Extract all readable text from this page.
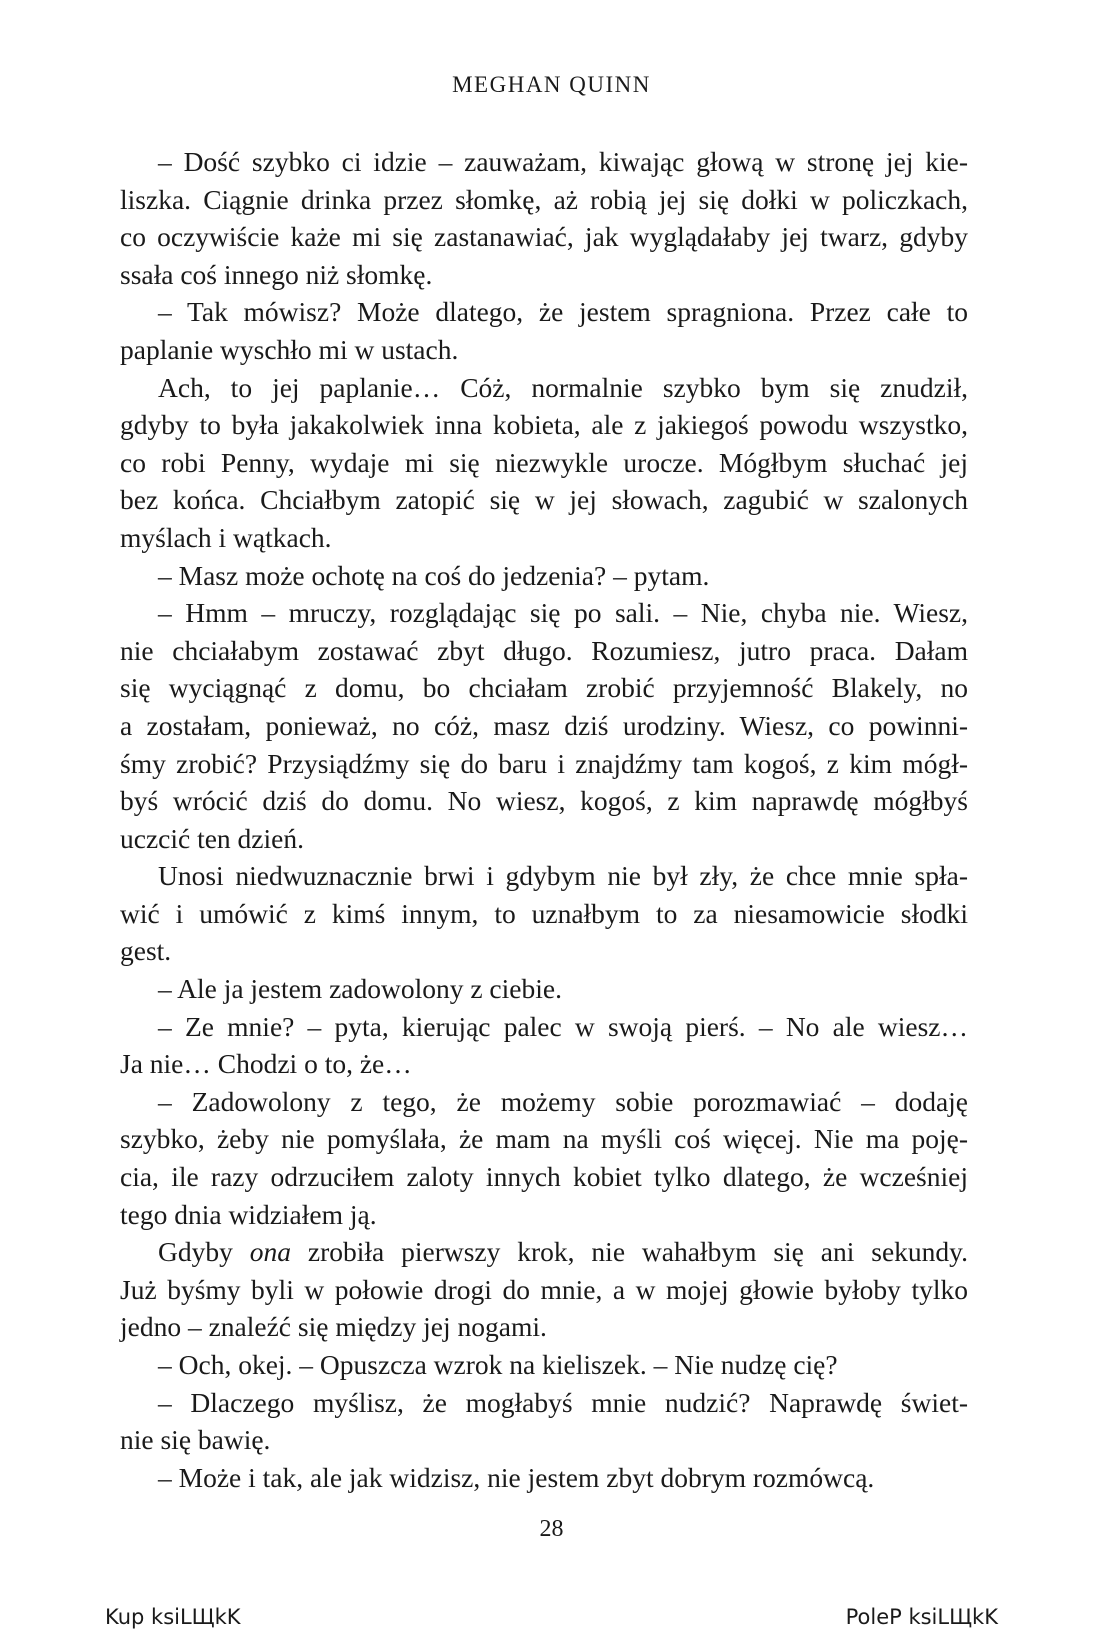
MEGHAN QUINN
– Dość szybko ci idzie – zauważam, kiwając głową w stronę jej kie-
liszka. Ciągnie drinka przez słomkę, aż robią jej się dołki w policzkach,
co oczywiście każe mi się zastanawiać, jak wyglądałaby jej twarz, gdyby
ssała coś innego niż słomkę.
– Tak mówisz? Może dlatego, że jestem spragniona. Przez całe to
paplanie wyschło mi w ustach.
Ach, to jej paplanie… Cóż, normalnie szybko bym się znudził,
gdyby to była jakakolwiek inna kobieta, ale z jakiegoś powodu wszystko,
co robi Penny, wydaje mi się niezwykle urocze. Mógłbym słuchać jej
bez końca. Chciałbym zatopić się w jej słowach, zagubić w szalonych
myślach i wątkach.
– Masz może ochotę na coś do jedzenia? – pytam.
– Hmm – mruczy, rozglądając się po sali. – Nie, chyba nie. Wiesz,
nie chciałabym zostawać zbyt długo. Rozumiesz, jutro praca. Dałam
się wyciągnąć z domu, bo chciałam zrobić przyjemność Blakely, no
a zostałam, ponieważ, no cóż, masz dziś urodziny. Wiesz, co powinni-
śmy zrobić? Przysiądźmy się do baru i znajdźmy tam kogoś, z kim mógł-
byś wrócić dziś do domu. No wiesz, kogoś, z kim naprawdę mógłbyś
uczcić ten dzień.
Unosi niedwuznacznie brwi i gdybym nie był zły, że chce mnie spła-
wić i umówić z kimś innym, to uznałbym to za niesamowicie słodki
gest.
– Ale ja jestem zadowolony z ciebie.
– Ze mnie? – pyta, kierując palec w swoją pierś. – No ale wiesz…
Ja nie… Chodzi o to, że…
– Zadowolony z tego, że możemy sobie porozmawiać – dodaję
szybko, żeby nie pomyślała, że mam na myśli coś więcej. Nie ma poję-
cia, ile razy odrzuciłem zaloty innych kobiet tylko dlatego, że wcześniej
tego dnia widziałem ją.
Gdyby ona zrobiła pierwszy krok, nie wahałbym się ani sekundy.
Już byśmy byli w połowie drogi do mnie, a w mojej głowie byłoby tylko
jedno – znaleźć się między jej nogami.
– Och, okej. – Opuszcza wzrok na kieliszek. – Nie nudzę cię?
– Dlaczego myślisz, że mogłabyś mnie nudzić? Naprawdę świet-
nie się bawię.
– Może i tak, ale jak widzisz, nie jestem zbyt dobrym rozmówcą.
28
Kup ksiLЩkK	PoleP ksiLЩkK
